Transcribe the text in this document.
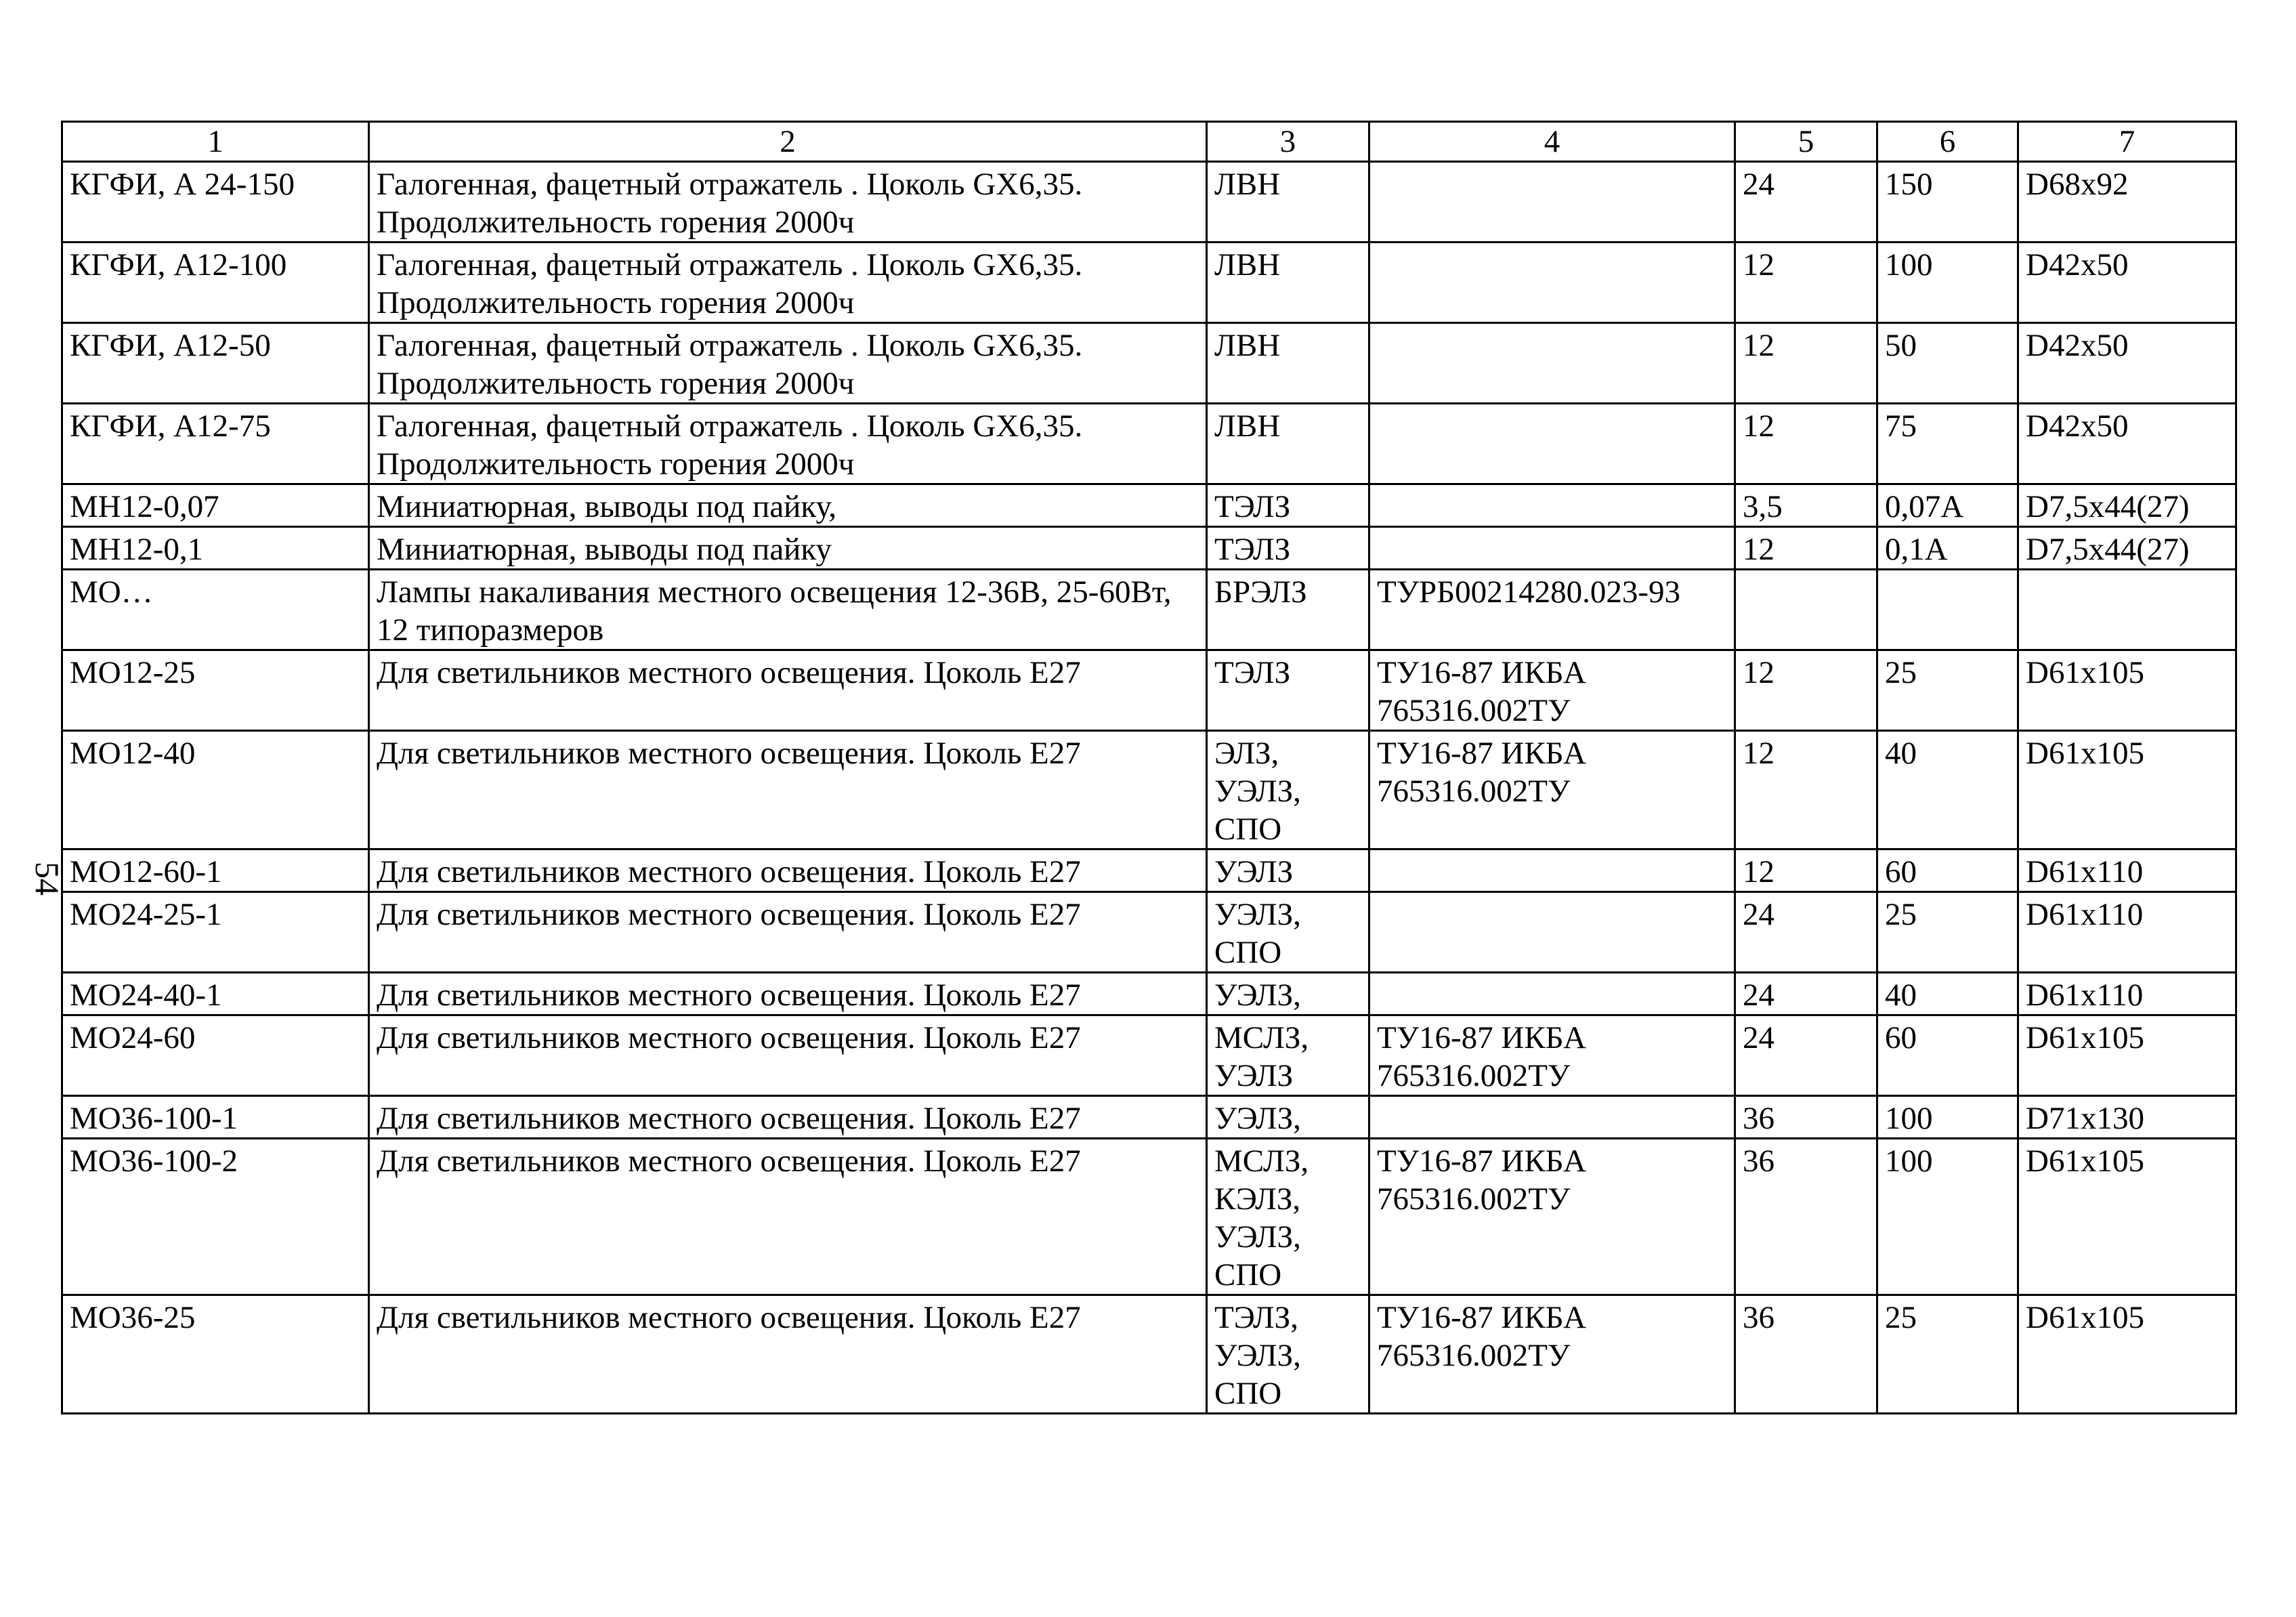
54
1	2	3	4	5	6	7
КГФИ, А 24-150	Галогенная, фацетный отражатель . Цоколь GX6,35. Продолжительность горения 2000ч	ЛВН		24	150	D68x92
КГФИ, А12-100	Галогенная, фацетный отражатель . Цоколь GX6,35. Продолжительность горения 2000ч	ЛВН		12	100	D42x50
КГФИ, А12-50	Галогенная, фацетный отражатель . Цоколь GX6,35. Продолжительность горения 2000ч	ЛВН		12	50	D42x50
КГФИ, А12-75	Галогенная, фацетный отражатель . Цоколь GX6,35. Продолжительность горения 2000ч	ЛВН		12	75	D42x50
МН12-0,07	Миниатюрная, выводы под пайку,	ТЭЛЗ		3,5	0,07А	D7,5x44(27)
МН12-0,1	Миниатюрная, выводы под пайку	ТЭЛЗ		12	0,1А	D7,5x44(27)
МО…	Лампы накаливания местного освещения 12-36В, 25-60Вт, 12 типоразмеров	БРЭЛЗ	ТУРБ00214280.023-93			
МО12-25	Для светильников местного освещения. Цоколь Е27	ТЭЛЗ	ТУ16-87 ИКБА 765316.002ТУ	12	25	D61x105
МО12-40	Для светильников местного освещения. Цоколь Е27	ЭЛЗ, УЭЛЗ, СПО	ТУ16-87 ИКБА 765316.002ТУ	12	40	D61x105
МО12-60-1	Для светильников местного освещения. Цоколь Е27	УЭЛЗ		12	60	D61x110
МО24-25-1	Для светильников местного освещения. Цоколь Е27	УЭЛЗ, СПО		24	25	D61x110
МО24-40-1	Для светильников местного освещения. Цоколь Е27	УЭЛЗ,		24	40	D61x110
МО24-60	Для светильников местного освещения. Цоколь Е27	МСЛЗ, УЭЛЗ	ТУ16-87 ИКБА 765316.002ТУ	24	60	D61x105
МО36-100-1	Для светильников местного освещения. Цоколь Е27	УЭЛЗ,		36	100	D71x130
МО36-100-2	Для светильников местного освещения. Цоколь Е27	МСЛЗ, КЭЛЗ, УЭЛЗ, СПО	ТУ16-87 ИКБА 765316.002ТУ	36	100	D61x105
МО36-25	Для светильников местного освещения. Цоколь Е27	ТЭЛЗ, УЭЛЗ, СПО	ТУ16-87 ИКБА 765316.002ТУ	36	25	D61x105
